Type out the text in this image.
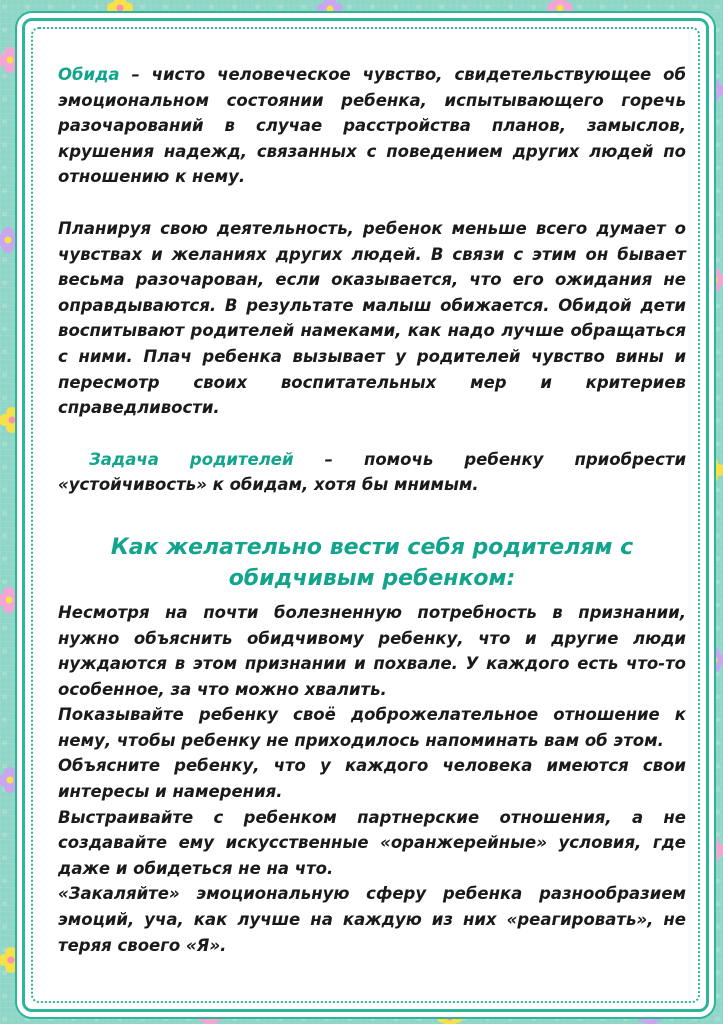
Обида – чисто человеческое чувство, свидетельствующее об эмоциональном состоянии ребенка, испытывающего горечь разочарований в случае расстройства планов, замыслов, крушения надежд, связанных с поведением других людей по отношению к нему.

Планируя свою деятельность, ребенок меньше всего думает о чувствах и желаниях других людей. В связи с этим он бывает весьма разочарован, если оказывается, что его ожидания не оправдываются. В результате малыш обижается. Обидой дети воспитывают родителей намеками, как надо лучше обращаться с ними. Плач ребенка вызывает у родителей чувство вины и пересмотр своих воспитательных мер и критериев справедливости.

Задача родителей – помочь ребенку приобрести «устойчивость» к обидам, хотя бы мнимым.

Как желательно вести себя родителям с обидчивым ребенком:

Несмотря на почти болезненную потребность в признании, нужно объяснить обидчивому ребенку, что и другие люди нуждаются в этом признании и похвале. У каждого есть что-то особенное, за что можно хвалить.

Показывайте ребенку своё доброжелательное отношение к нему, чтобы ребенку не приходилось напоминать вам об этом.

Объясните ребенку, что у каждого человека имеются свои интересы и намерения.

Выстраивайте с ребенком партнерские отношения, а не создавайте ему искусственные «оранжерейные» условия, где даже и обидеться не на что.

«Закаляйте» эмоциональную сферу ребенка разнообразием эмоций, уча, как лучше на каждую из них «реагировать», не теряя своего «Я».
